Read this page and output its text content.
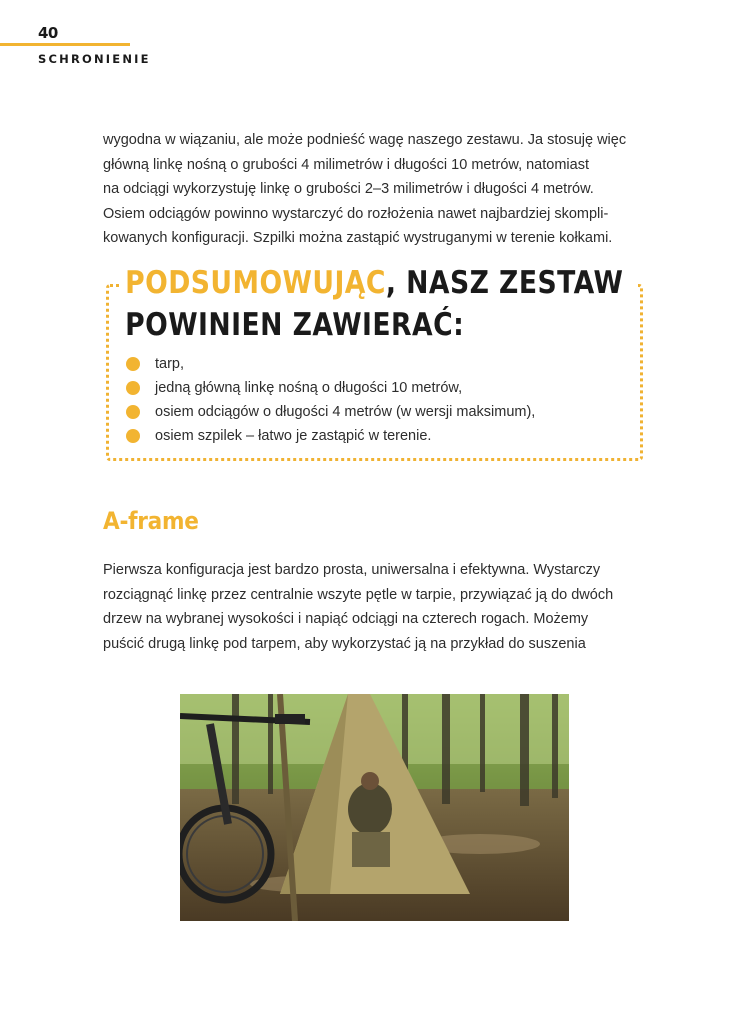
40
SCHRONIENIE
wygodna w wiązaniu, ale może podnieść wagę naszego zestawu. Ja stosuję więc
główną linkę nośną o grubości 4 milimetrów i długości 10 metrów, natomiast
na odciągi wykorzystuję linkę o grubości 2–3 milimetrów i długości 4 metrów.
Osiem odciągów powinno wystarczyć do rozłożenia nawet najbardziej skompli-
kowanych konfiguracji. Szpilki można zastąpić wystruganymi w terenie kołkami.
PODSUMOWUJĄC, NASZ ZESTAW
POWINIEN ZAWIERAĆ:
tarp,
jedną główną linkę nośną o długości 10 metrów,
osiem odciągów o długości 4 metrów (w wersji maksimum),
osiem szpilek – łatwo je zastąpić w terenie.
A-frame
Pierwsza konfiguracja jest bardzo prosta, uniwersalna i efektywna. Wystarczy
rozciągnąć linkę przez centralnie wszyte pętle w tarpie, przywiązać ją do dwóch
drzew na wybranej wysokości i napiąć odciągi na czterech rogach. Możemy
puścić drugą linkę pod tarpem, aby wykorzystać ją na przykład do suszenia
